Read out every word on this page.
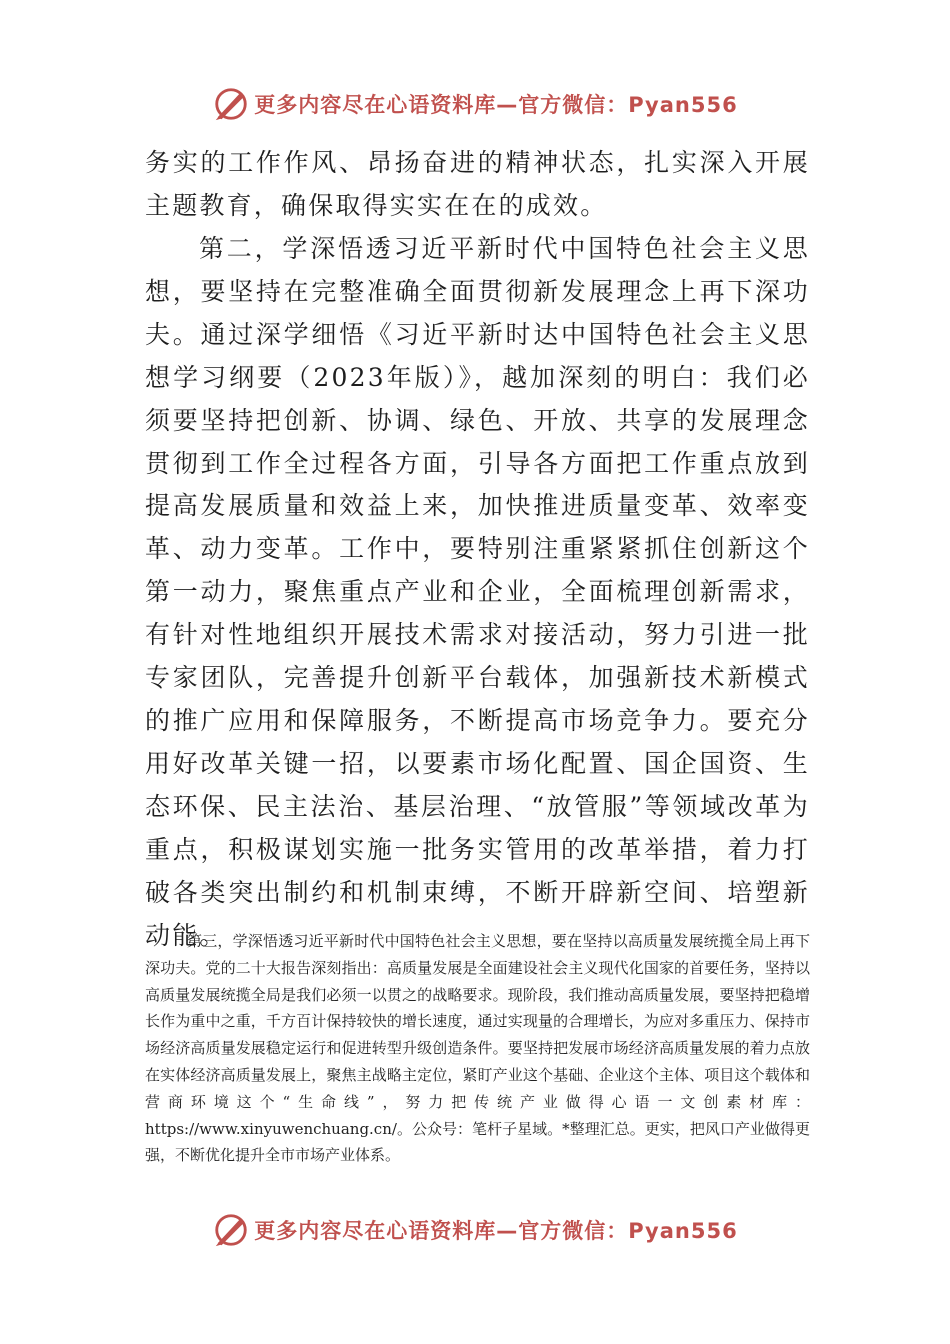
更多内容尽在心语资料库—官方微信：Pyan556

务实的工作作风、昂扬奋进的精神状态，扎实深入开展主题教育，确保取得实实在在的成效。

第二，学深悟透习近平新时代中国特色社会主义思想，要坚持在完整准确全面贯彻新发展理念上再下深功夫。通过深学细悟《习近平新时达中国特色社会主义思想学习纲要（2023年版）》，越加深刻的明白：我们必须要坚持把创新、协调、绿色、开放、共享的发展理念贯彻到工作全过程各方面，引导各方面把工作重点放到提高发展质量和效益上来，加快推进质量变革、效率变革、动力变革。工作中，要特别注重紧紧抓住创新这个第一动力，聚焦重点产业和企业，全面梳理创新需求，有针对性地组织开展技术需求对接活动，努力引进一批专家团队，完善提升创新平台载体，加强新技术新模式的推广应用和保障服务，不断提高市场竞争力。要充分用好改革关键一招，以要素市场化配置、国企国资、生态环保、民主法治、基层治理、“放管服”等领域改革为重点，积极谋划实施一批务实管用的改革举措，着力打破各类突出制约和机制束缚，不断开辟新空间、培塑新动能。

第三，学深悟透习近平新时代中国特色社会主义思想，要在坚持以高质量发展统揽全局上再下深功夫。党的二十大报告深刻指出：高质量发展是全面建设社会主义现代化国家的首要任务，坚持以高质量发展统揽全局是我们必须一以贯之的战略要求。现阶段，我们推动高质量发展，要坚持把稳增长作为重中之重，千方百计保持较快的增长速度，通过实现量的合理增长，为应对多重压力、保持市场经济高质量发展稳定运行和促进转型升级创造条件。要坚持把发展市场经济高质量发展的着力点放在实体经济高质量发展上，聚焦主战略主定位，紧盯产业这个基础、企业这个主体、项目这个载体和营商环境这个“生命线”，努力把传统产业做得心语一文创素材库：https://www.xinyuwenchuang.cn/。公众号：笔杆子星域。*整理汇总。更实，把风口产业做得更强，不断优化提升全市市场产业体系。

更多内容尽在心语资料库—官方微信：Pyan556
